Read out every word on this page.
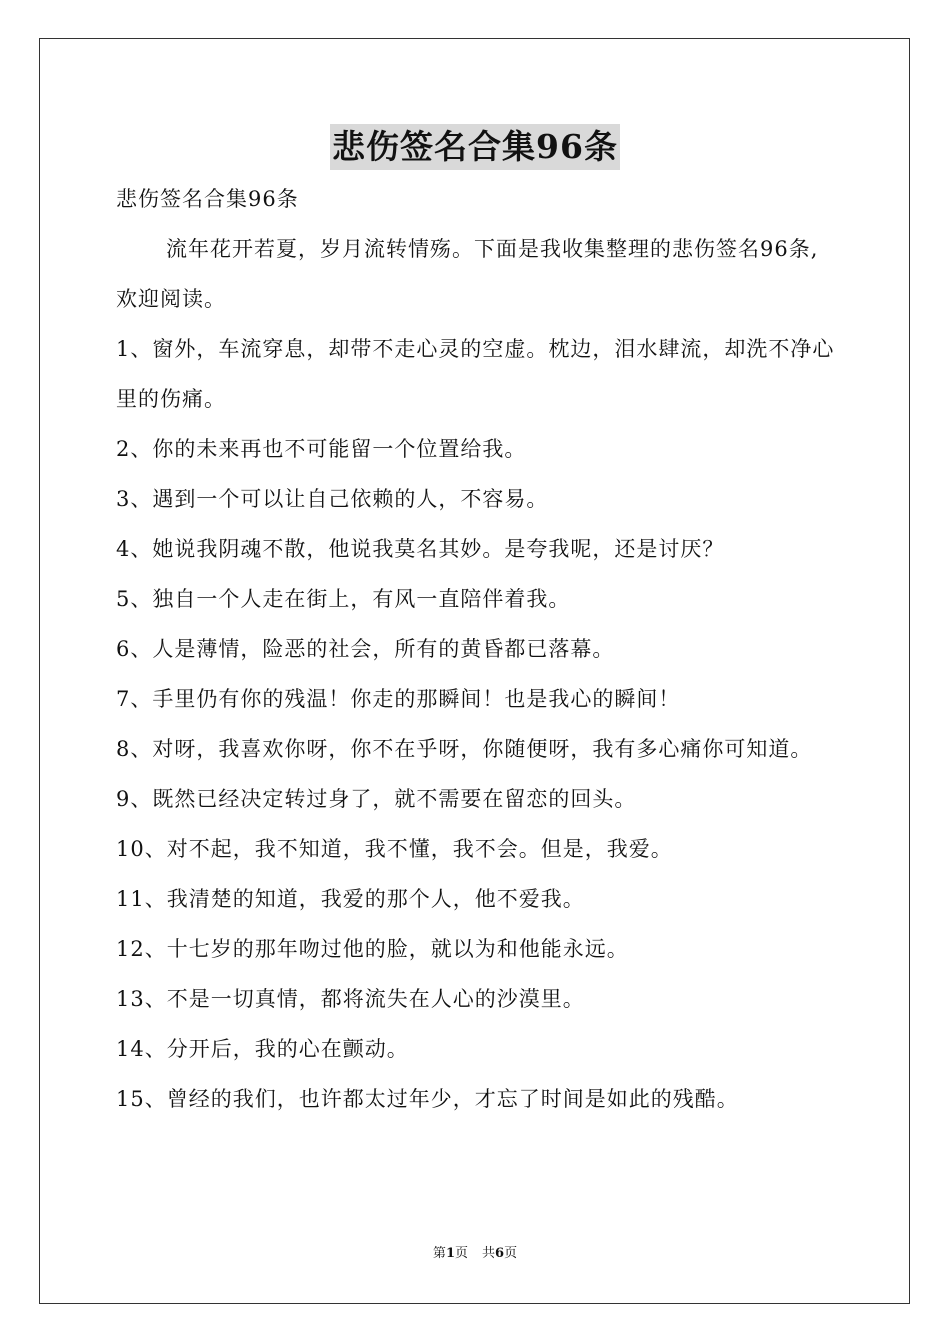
悲伤签名合集96条

悲伤签名合集96条

流年花开若夏，岁月流转情殇。下面是我收集整理的悲伤签名96条,欢迎阅读。

1、窗外，车流穿息，却带不走心灵的空虚。枕边，泪水肆流，却洗不净心里的伤痛。

2、你的未来再也不可能留一个位置给我。

3、遇到一个可以让自己依赖的人，不容易。

4、她说我阴魂不散，他说我莫名其妙。是夸我呢，还是讨厌？

5、独自一个人走在街上，有风一直陪伴着我。

6、人是薄情，险恶的社会，所有的黄昏都已落幕。

7、手里仍有你的残温！你走的那瞬间！也是我心的瞬间！

8、对呀，我喜欢你呀，你不在乎呀，你随便呀，我有多心痛你可知道。

9、既然已经决定转过身了，就不需要在留恋的回头。

10、对不起，我不知道，我不懂，我不会。但是，我爱。

11、我清楚的知道，我爱的那个人，他不爱我。

12、十七岁的那年吻过他的脸，就以为和他能永远。

13、不是一切真情，都将流失在人心的沙漠里。

14、分开后，我的心在颤动。

15、曾经的我们，也许都太过年少，才忘了时间是如此的残酷。

第1页 共6页
